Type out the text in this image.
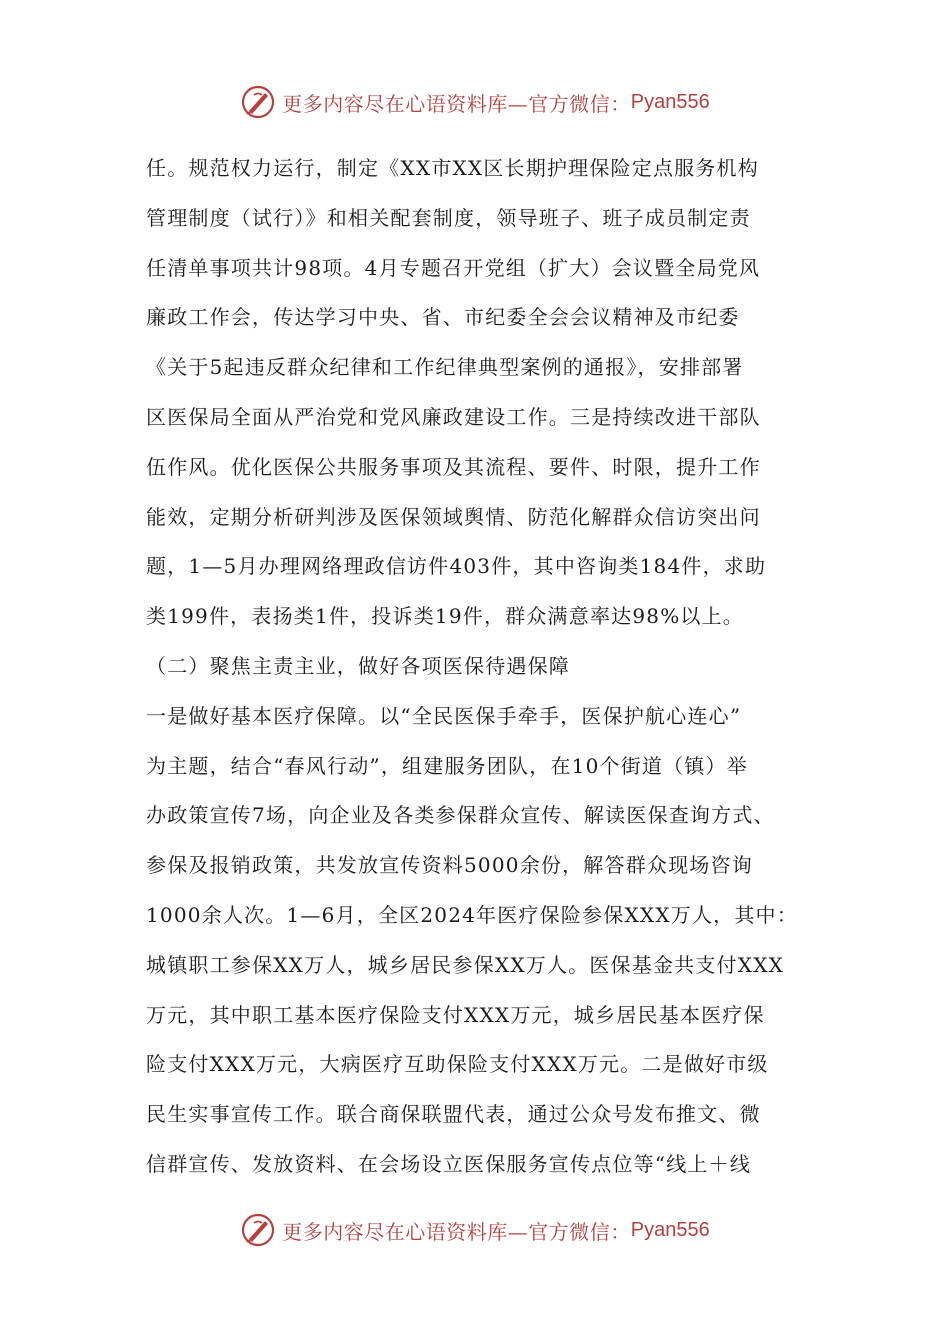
更多内容尽在心语资料库—官方微信： Pyan556
任。规范权力运行，制定《XX市XX区长期护理保险定点服务机构
管理制度（试行）》和相关配套制度，领导班子、班子成员制定责
任清单事项共计98项。4月专题召开党组（扩大）会议暨全局党风
廉政工作会，传达学习中央、省、市纪委全会会议精神及市纪委
《关于5起违反群众纪律和工作纪律典型案例的通报》，安排部署
区医保局全面从严治党和党风廉政建设工作。三是持续改进干部队
伍作风。优化医保公共服务事项及其流程、要件、时限，提升工作
能效，定期分析研判涉及医保领域舆情、防范化解群众信访突出问
题，1—5月办理网络理政信访件403件，其中咨询类184件，求助
类199件，表扬类1件，投诉类19件，群众满意率达98%以上。
（二）聚焦主责主业，做好各项医保待遇保障
一是做好基本医疗保障。以“全民医保手牵手，医保护航心连心”
为主题，结合“春风行动”，组建服务团队，在10个街道（镇）举
办政策宣传7场，向企业及各类参保群众宣传、解读医保查询方式、
参保及报销政策，共发放宣传资料5000余份，解答群众现场咨询
1000余人次。1—6月，全区2024年医疗保险参保XXX万人，其中：
城镇职工参保XX万人，城乡居民参保XX万人。医保基金共支付XXX
万元，其中职工基本医疗保险支付XXX万元，城乡居民基本医疗保
险支付XXX万元，大病医疗互助保险支付XXX万元。二是做好市级
民生实事宣传工作。联合商保联盟代表，通过公众号发布推文、微
信群宣传、发放资料、在会场设立医保服务宣传点位等“线上＋线
更多内容尽在心语资料库—官方微信： Pyan556
